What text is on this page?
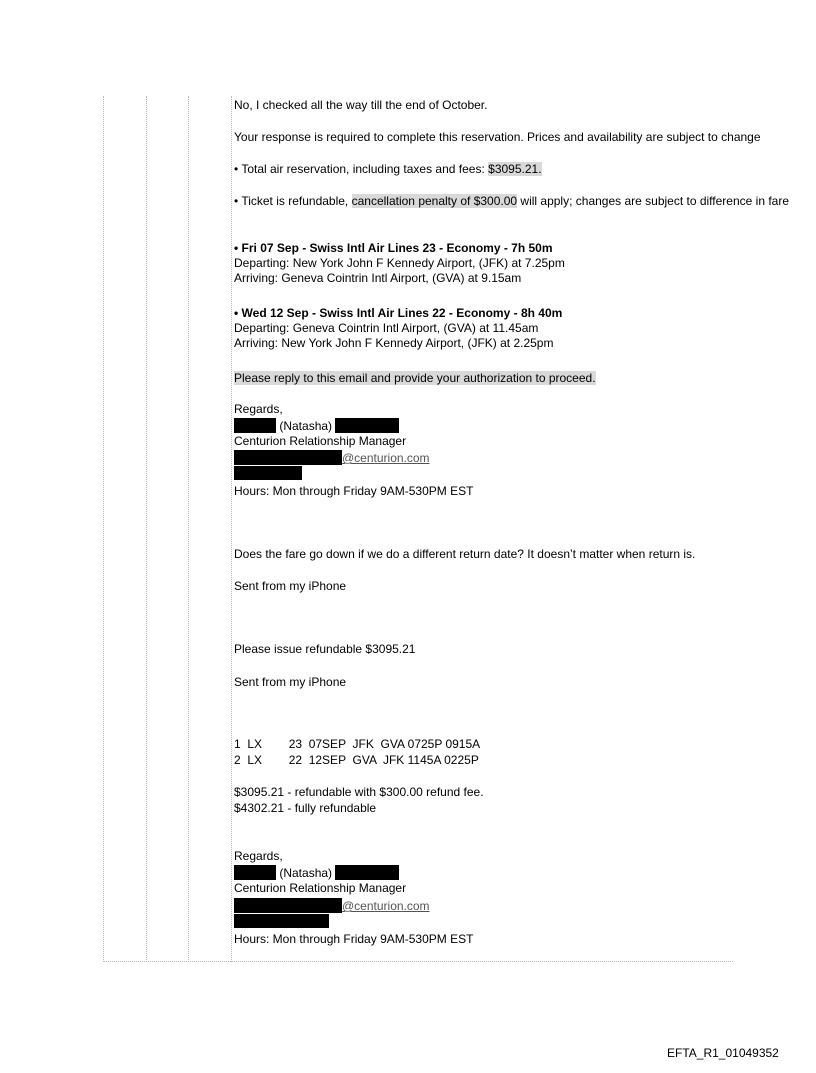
No, I checked all the way till the end of October.
Your response is required to complete this reservation. Prices and availability are subject to change
• Total air reservation, including taxes and fees: $3095.21.
• Ticket is refundable, cancellation penalty of $300.00 will apply; changes are subject to difference in fare
• Fri 07 Sep - Swiss Intl Air Lines 23 - Economy - 7h 50m
Departing: New York John F Kennedy Airport, (JFK) at 7.25pm
Arriving: Geneva Cointrin Intl Airport, (GVA) at 9.15am
• Wed 12 Sep - Swiss Intl Air Lines 22 - Economy - 8h 40m
Departing: Geneva Cointrin Intl Airport, (GVA) at 11.45am
Arriving: New York John F Kennedy Airport, (JFK) at 2.25pm
Please reply to this email and provide your authorization to proceed.
Regards,
(Natasha)
Centurion Relationship Manager
@centurion.com
Hours: Mon through Friday 9AM-530PM EST
Does the fare go down if we do a different return date? It doesn’t matter when return is.
Sent from my iPhone
Please issue refundable $3095.21
Sent from my iPhone
1  LX        23  07SEP  JFK  GVA 0725P 0915A
2  LX        22  12SEP  GVA  JFK 1145A 0225P
$3095.21 - refundable with $300.00 refund fee.
$4302.21 - fully refundable
Regards,
(Natasha)
Centurion Relationship Manager
@centurion.com
Hours: Mon through Friday 9AM-530PM EST
EFTA_R1_01049352
